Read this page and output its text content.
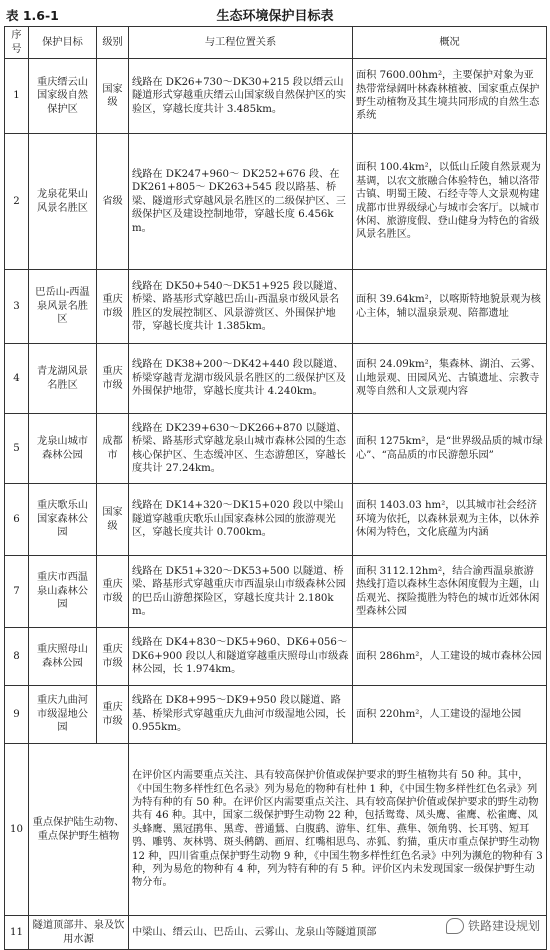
表 1.6-1	生态环境保护目标表
序号	保护目标	级别	与工程位置关系	概况
1	重庆缙云山国家级自然保护区	国家级	线路在 DK26+730～DK30+215 段以缙云山隧道形式穿越重庆缙云山国家级自然保护区的实验区，穿越长度共计 3.485km。	面积 7600.00hm²，主要保护对象为亚热带常绿阔叶林森林植被、国家重点保护野生动植物及其生境共同形成的自然生态系统
2	龙泉花果山风景名胜区	省级	线路在 DK247+960～ DK252+676 段、在 DK261+805～ DK263+545 段以路基、桥梁、隧道形式穿越风景名胜区的二级保护区、三级保护区及建设控制地带，穿越长度 6.456km。	面积 100.4km²，以低山丘陵自然景观为基调，以农文旅融合体验特色，辅以洛带古镇、明蜀王陵、石经寺等人文景观构建成都市世界级绿心与城市会客厅。以城市休闲、旅游度假、登山健身为特色的省级风景名胜区。
3	巴岳山-西温泉风景名胜区	重庆市级	线路在 DK50+540～DK51+925 段以隧道、桥梁、路基形式穿越巴岳山-西温泉市级风景名胜区的发展控制区、风景游赏区、外围保护地带，穿越长度共计 1.385km。	面积 39.64km²，以喀斯特地貌景观为核心主体，辅以温泉景观、陪都遗址
4	青龙湖风景名胜区	重庆市级	线路在 DK38+200～DK42+440 段以隧道、桥梁穿越青龙湖市级风景名胜区的二级保护区及外围保护地带，穿越长度共计 4.240km。	面积 24.09km²，集森林、湖泊、云雾、山地景观、田园风光、古镇遗址、宗教寺观等自然和人文景观内容
5	龙泉山城市森林公园	成都市	线路在 DK239+630～DK266+870 以隧道、桥梁、路基形式穿越龙泉山城市森林公园的生态核心保护区、生态缓冲区、生态游憩区，穿越长度共计 27.24km。	面积 1275km²，是“世界级品质的城市绿心”、“高品质的市民游憩乐园”
6	重庆歌乐山国家森林公园	国家级	线路在 DK14+320～DK15+020 段以中梁山隧道穿越重庆歌乐山国家森林公园的旅游观光区，穿越长度共计 0.700km。	面积 1403.03 hm²，以其城市社会经济环境为依托，以森林景观为主体，以休养休闲为特色，文化底蕴为内涵
7	重庆市西温泉山森林公园	重庆市级	线路在 DK51+320～DK53+500 以隧道、桥梁、路基形式穿越重庆市西温泉山市级森林公园的巴岳山游憩探险区，穿越长度共计 2.180km。	面积 3112.12hm²，结合渝西温泉旅游热线打造以森林生态休闲度假为主题，山岳观光、探险揽胜为特色的城市近郊休闲型森林公园
8	重庆照母山森林公园	重庆市级	线路在 DK4+830～DK5+960、DK6+056～DK6+900 段以人和隧道穿越重庆照母山市级森林公园，长 1.974km。	面积 286hm²，人工建设的城市森林公园
9	重庆九曲河市级湿地公园	重庆市级	线路在 DK8+995～DK9+950 段以隧道、路基、桥梁形式穿越重庆九曲河市级湿地公园，长 0.955km。	面积 220hm²，人工建设的湿地公园
10	重点保护陆生动物、重点保护野生植物		在评价区内需要重点关注、具有较高保护价值或保护要求的野生植物共有 50 种。其中，《中国生物多样性红色名录》列为易危的物种有杜仲 1 种，《中国生物多样性红色名录》列为特有种的有 50 种。在评价区内需要重点关注、具有较高保护价值或保护要求的野生动物共有 46 种。其中，国家二级保护野生动物 22 种，包括鸳鸯、凤头鹰、雀鹰、松雀鹰、凤头蜂鹰、黑冠鹃隼、黑鸢、普通鵟、白腹鹞、游隼、红隼、燕隼、领角鸮、长耳鸮、短耳鸮、雕鸮、灰林鸮、斑头鸺鹠、画眉、红嘴相思鸟、赤狐、豹猫，重庆市重点保护野生动物 12 种，四川省重点保护野生动物 9 种，《中国生物多样性红色名录》中列为濒危的物种有 3 种，列为易危的物种有 4 种，列为特有种的有 5 种。评价区内未发现国家一级保护野生动物分布。	
11	隧道顶部井、泉及饮用水源		中梁山、缙云山、巴岳山、云雾山、龙泉山等隧道顶部		铁路建设规划
